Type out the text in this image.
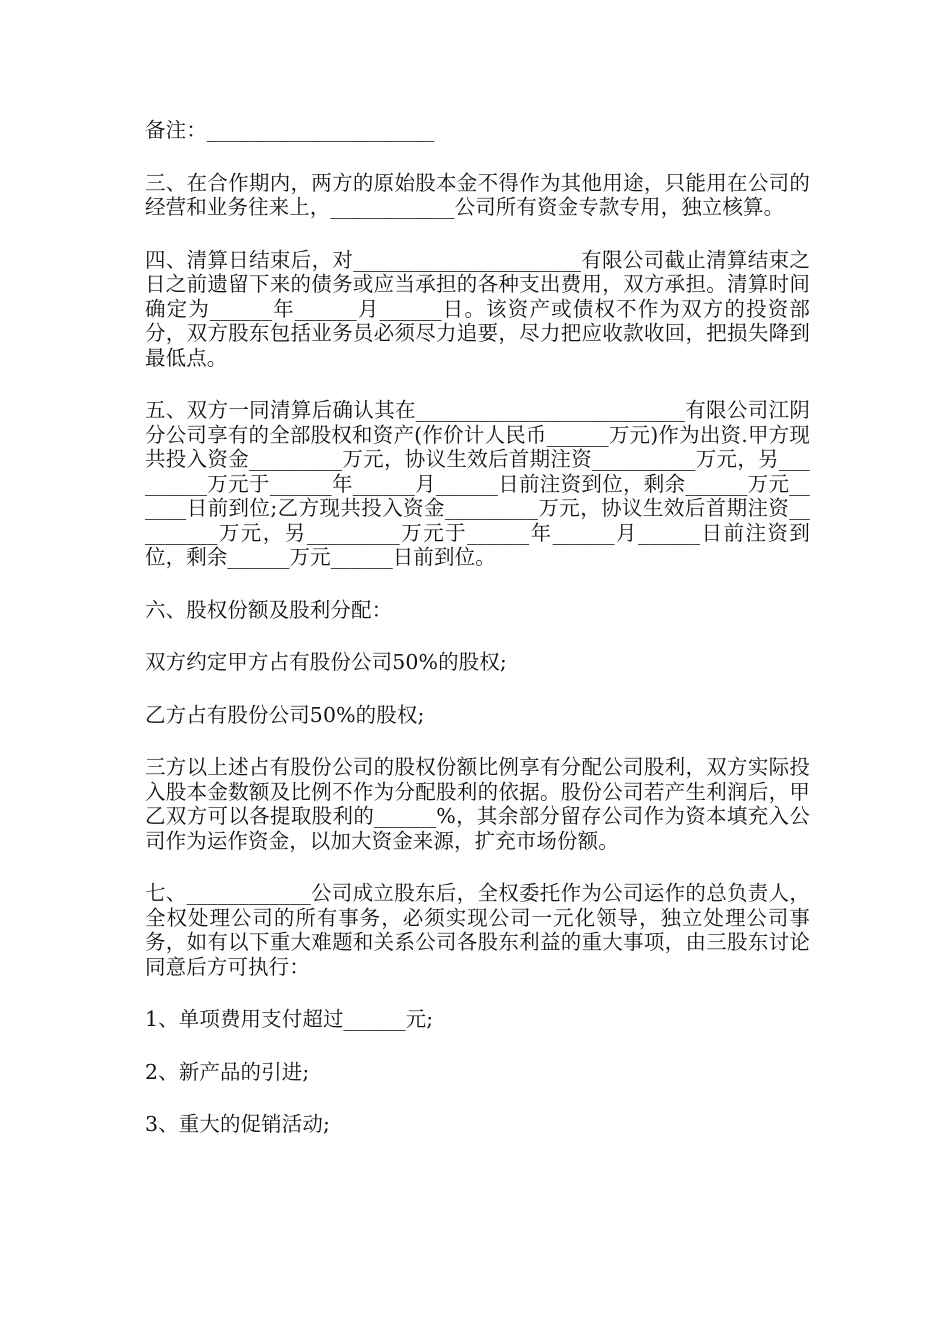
备注：______________________

三、在合作期内，两方的原始股本金不得作为其他用途，只能用在公司的经营和业务往来上，____________公司所有资金专款专用，独立核算。

四、清算日结束后，对______________________有限公司截止清算结束之日之前遗留下来的债务或应当承担的各种支出费用，双方承担。清算时间确定为______年______月______日。该资产或债权不作为双方的投资部分，双方股东包括业务员必须尽力追要，尽力把应收款收回，把损失降到最低点。

五、双方一同清算后确认其在__________________________有限公司江阴分公司享有的全部股权和资产(作价计人民币______万元)作为出资.甲方现共投入资金_________万元，协议生效后首期注资__________万元，另_________万元于______年______月______日前注资到位，剩余______万元______日前到位;乙方现共投入资金_________万元，协议生效后首期注资_________万元，另_________万元于______年______月______日前注资到位，剩余______万元______日前到位。

六、股权份额及股利分配：

双方约定甲方占有股份公司50%的股权;

乙方占有股份公司50%的股权;

三方以上述占有股份公司的股权份额比例享有分配公司股利，双方实际投入股本金数额及比例不作为分配股利的依据。股份公司若产生利润后，甲乙双方可以各提取股利的______%，其余部分留存公司作为资本填充入公司作为运作资金，以加大资金来源，扩充市场份额。

七、____________公司成立股东后，全权委托作为公司运作的总负责人，全权处理公司的所有事务，必须实现公司一元化领导，独立处理公司事务，如有以下重大难题和关系公司各股东利益的重大事项，由三股东讨论同意后方可执行：

1、单项费用支付超过______元;

2、新产品的引进;

3、重大的促销活动;
